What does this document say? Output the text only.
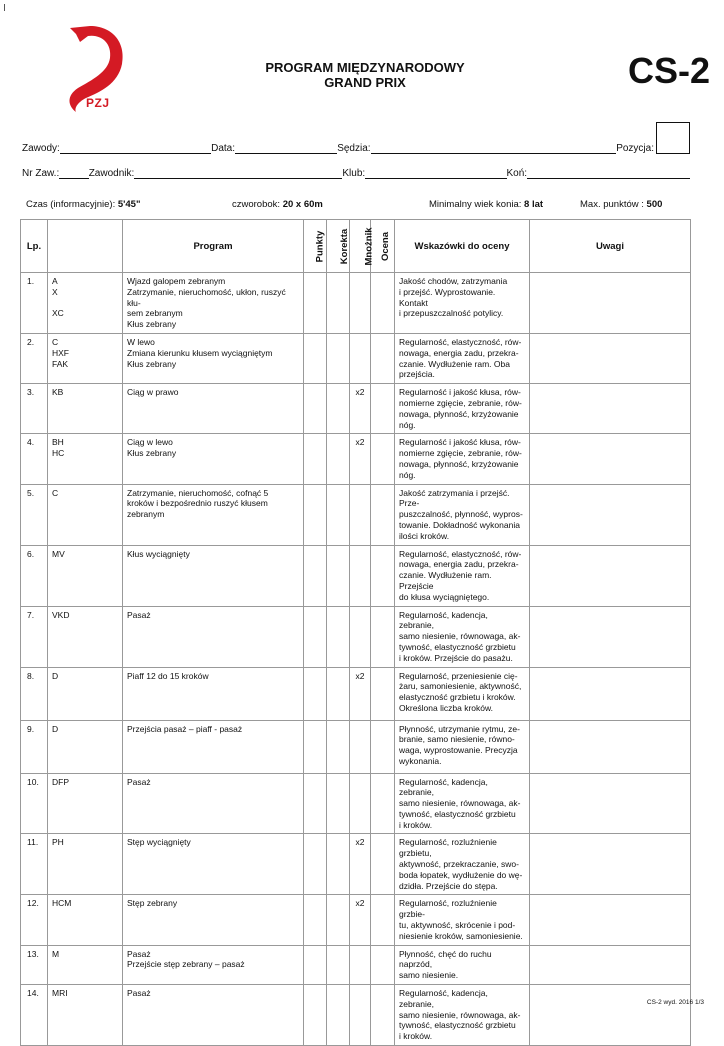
PZJ
PROGRAM MIĘDZYNARODOWY
GRAND PRIX	CS-2
Zawody:	Data:	Sędzia:	Pozycja:
Nr Zaw.:	Zawodnik:	Klub:	Koń:
Czas (informacyjnie): 5'45"	czworobok: 20 x 60m	Minimalny wiek konia: 8 lat	Max. punktów : 500
Lp.		Program	Punkty	Korekta	Mnożnik	Ocena	Wskazówki do oceny	Uwagi
1.	A
X

XC	Wjazd galopem zebranym
Zatrzymanie, nieruchomość, ukłon, ruszyć kłu-
sem zebranym
Kłus zebrany					Jakość chodów, zatrzymania
i przejść. Wyprostowanie. Kontakt
i przepuszczalność potylicy.	
2.	C
HXF
FAK	W lewo
Zmiana kierunku kłusem wyciągniętym
Kłus zebrany					Regularność, elastyczność, rów-
nowaga, energia zadu, przekra-
czanie. Wydłużenie ram. Oba
przejścia.	
3.	KB	Ciąg w prawo			x2		Regularność i jakość kłusa, rów-
nomierne zgięcie, zebranie, rów-
nowaga, płynność, krzyżowanie
nóg.	
4.	BH
HC	Ciąg w lewo
Kłus zebrany			x2		Regularność i jakość kłusa, rów-
nomierne zgięcie, zebranie, rów-
nowaga, płynność, krzyżowanie
nóg.	
5.	C	Zatrzymanie, nieruchomość, cofnąć 5
kroków i bezpośrednio ruszyć kłusem
zebranym					Jakość zatrzymania i przejść. Prze-
puszczalność, płynność, wypros-
towanie. Dokładność wykonania
ilości kroków.	
6.	MV	Kłus wyciągnięty					Regularność, elastyczność, rów-
nowaga, energia zadu, przekra-
czanie. Wydłużenie ram. Przejście
do kłusa wyciągniętego.	
7.	VKD	Pasaż					Regularność, kadencja, zebranie,
samo niesienie, równowaga, ak-
tywność, elastyczność grzbietu
i kroków. Przejście do pasażu.	
8.	D	Piaff 12 do 15 kroków			x2		Regularność, przeniesienie cię-
żaru, samoniesienie, aktywność,
elastyczność grzbietu i kroków.
Określona liczba kroków.	
9.	D	Przejścia pasaż – piaff - pasaż					Płynność, utrzymanie rytmu, ze-
branie, samo niesienie, równo-
waga, wyprostowanie. Precyzja
wykonania.	
10.	DFP	Pasaż					Regularność, kadencja, zebranie,
samo niesienie, równowaga, ak-
tywność, elastyczność grzbietu
i kroków.	
11.	PH	Stęp wyciągnięty			x2		Regularność, rozluźnienie grzbietu,
aktywność, przekraczanie, swo-
boda łopatek, wydłużenie do wę-
dzidła. Przejście do stępa.	
12.	HCM	Stęp zebrany			x2		Regularność, rozluźnienie grzbie-
tu, aktywność, skrócenie i pod-
niesienie kroków, samoniesienie.	
13.	M	Pasaż
Przejście stęp zebrany – pasaż					Płynność, chęć do ruchu naprzód,
samo niesienie.	
14.	MRI	Pasaż					Regularność, kadencja, zebranie,
samo niesienie, równowaga, ak-
tywność, elastyczność grzbietu
i kroków.	
CS-2 wyd. 2016 1/3
